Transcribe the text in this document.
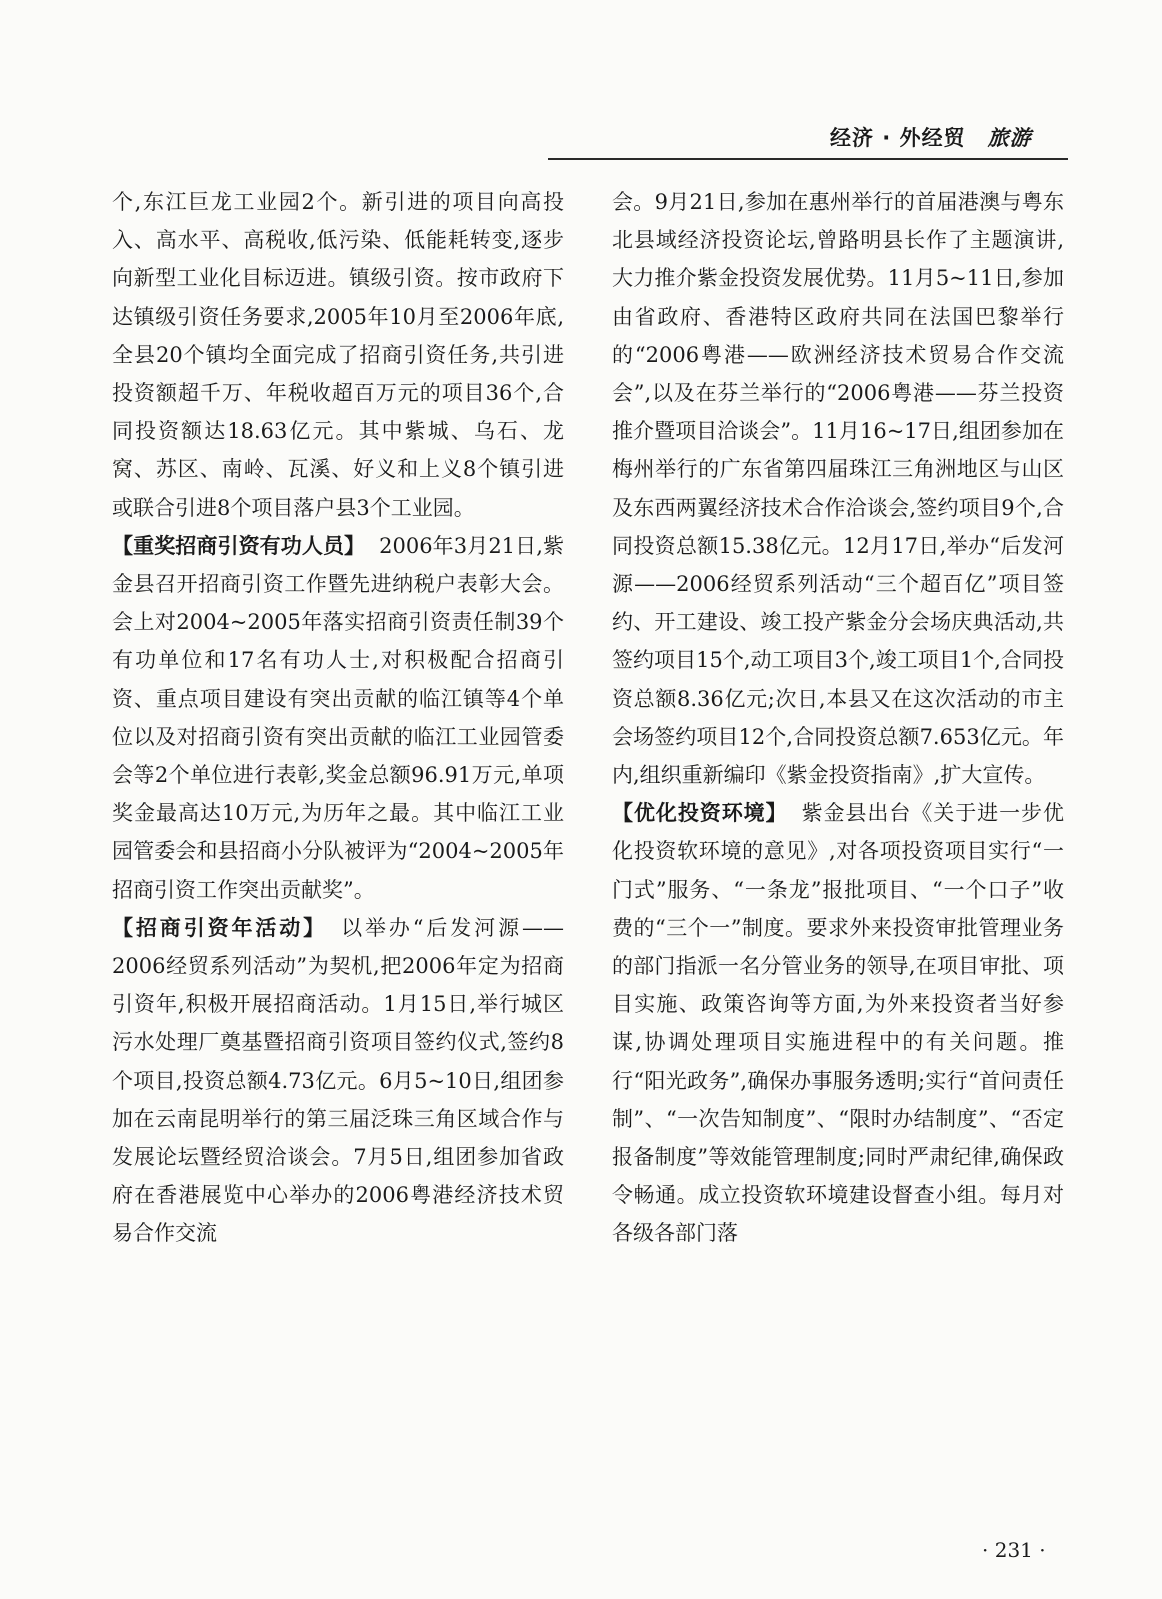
经济 · 外经贸 旅游

个,东江巨龙工业园2个。新引进的项目向高投入、高水平、高税收,低污染、低能耗转变,逐步向新型工业化目标迈进。镇级引资。按市政府下达镇级引资任务要求,2005年10月至2006年底,全县20个镇均全面完成了招商引资任务,共引进投资额超千万、年税收超百万元的项目36个,合同投资额达18.63亿元。其中紫城、乌石、龙窝、苏区、南岭、瓦溪、好义和上义8个镇引进或联合引进8个项目落户县3个工业园。

【重奖招商引资有功人员】 2006年3月21日,紫金县召开招商引资工作暨先进纳税户表彰大会。会上对2004~2005年落实招商引资责任制39个有功单位和17名有功人士,对积极配合招商引资、重点项目建设有突出贡献的临江镇等4个单位以及对招商引资有突出贡献的临江工业园管委会等2个单位进行表彰,奖金总额96.91万元,单项奖金最高达10万元,为历年之最。其中临江工业园管委会和县招商小分队被评为“2004~2005年招商引资工作突出贡献奖”。

【招商引资年活动】 以举办“后发河源——2006经贸系列活动”为契机,把2006年定为招商引资年,积极开展招商活动。1月15日,举行城区污水处理厂奠基暨招商引资项目签约仪式,签约8个项目,投资总额4.73亿元。6月5~10日,组团参加在云南昆明举行的第三届泛珠三角区域合作与发展论坛暨经贸洽谈会。7月5日,组团参加省政府在香港展览中心举办的2006粤港经济技术贸易合作交流

会。9月21日,参加在惠州举行的首届港澳与粤东北县域经济投资论坛,曾路明县长作了主题演讲,大力推介紫金投资发展优势。11月5~11日,参加由省政府、香港特区政府共同在法国巴黎举行的“2006粤港——欧洲经济技术贸易合作交流会”,以及在芬兰举行的“2006粤港——芬兰投资推介暨项目洽谈会”。11月16~17日,组团参加在梅州举行的广东省第四届珠江三角洲地区与山区及东西两翼经济技术合作洽谈会,签约项目9个,合同投资总额15.38亿元。12月17日,举办“后发河源——2006经贸系列活动“三个超百亿”项目签约、开工建设、竣工投产紫金分会场庆典活动,共签约项目15个,动工项目3个,竣工项目1个,合同投资总额8.36亿元;次日,本县又在这次活动的市主会场签约项目12个,合同投资总额7.653亿元。年内,组织重新编印《紫金投资指南》,扩大宣传。

【优化投资环境】 紫金县出台《关于进一步优化投资软环境的意见》,对各项投资项目实行“一门式”服务、“一条龙”报批项目、“一个口子”收费的“三个一”制度。要求外来投资审批管理业务的部门指派一名分管业务的领导,在项目审批、项目实施、政策咨询等方面,为外来投资者当好参谋,协调处理项目实施进程中的有关问题。推行“阳光政务”,确保办事服务透明;实行“首问责任制”、“一次告知制度”、“限时办结制度”、“否定报备制度”等效能管理制度;同时严肃纪律,确保政令畅通。成立投资软环境建设督查小组。每月对各级各部门落

· 231 ·
